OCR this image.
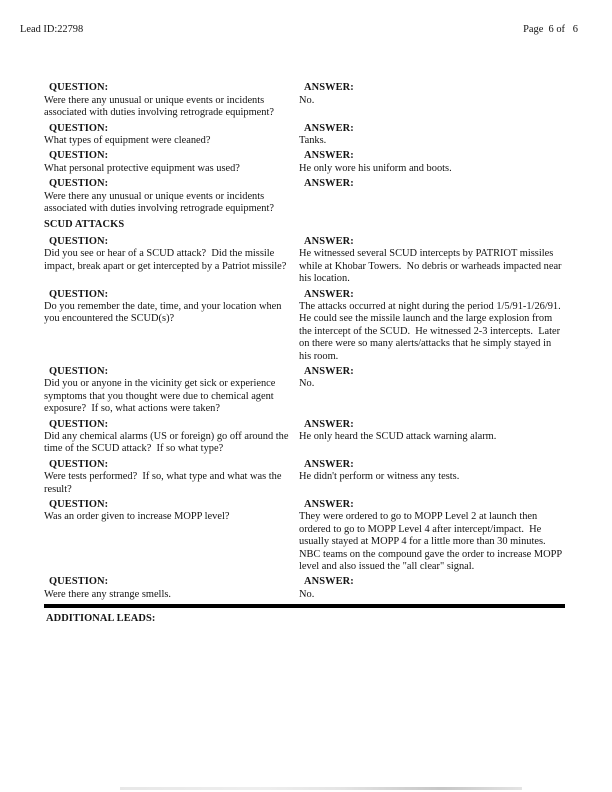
Lead ID:22798	Page  6 of   6
QUESTION:
Were there any unusual or unique events or incidents associated with duties involving retrograde equipment?
ANSWER:
No.
QUESTION:
What types of equipment were cleaned?
ANSWER:
Tanks.
QUESTION:
What personal protective equipment was used?
ANSWER:
He only wore his uniform and boots.
QUESTION:
Were there any unusual or unique events or incidents associated with duties involving retrograde equipment?
ANSWER:
SCUD ATTACKS
QUESTION:
Did you see or hear of a SCUD attack?  Did the missile impact, break apart or get intercepted by a Patriot missile?
ANSWER:
He witnessed several SCUD intercepts by PATRIOT missiles while at Khobar Towers.  No debris or warheads impacted near his location.
QUESTION:
Do you remember the date, time, and your location when you encountered the SCUD(s)?
ANSWER:
The attacks occurred at night during the period 1/5/91-1/26/91.  He could see the missile launch and the large explosion from the intercept of the SCUD.  He witnessed 2-3 intercepts.  Later on there were so many alerts/attacks that he simply stayed in his room.
QUESTION:
Did you or anyone in the vicinity get sick or experience symptoms that you thought were due to chemical agent exposure?  If so, what actions were taken?
ANSWER:
No.
QUESTION:
Did any chemical alarms (US or foreign) go off around the time of the SCUD attack?  If so what type?
ANSWER:
He only heard the SCUD attack warning alarm.
QUESTION:
Were tests performed?  If so, what type and what was the result?
ANSWER:
He didn't perform or witness any tests.
QUESTION:
Was an order given to increase MOPP level?
ANSWER:
They were ordered to go to MOPP Level 2 at launch then ordered to go to MOPP Level 4 after intercept/impact.  He usually stayed at MOPP 4 for a little more than 30 minutes.  NBC teams on the compound gave the order to increase MOPP level and also issued the "all clear" signal.
QUESTION:
Were there any strange smells.
ANSWER:
No.
ADDITIONAL LEADS:
